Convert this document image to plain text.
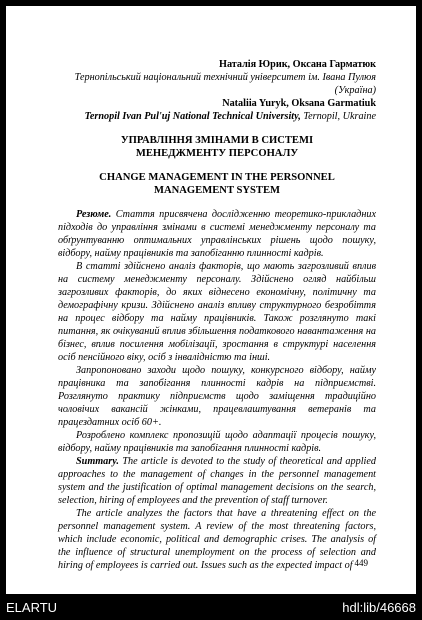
Наталія Юрик, Оксана Гарматюк
Тернопільський національний технічний університет ім. Івана Пулюя (Україна)
Nataliia Yuryk, Oksana Garmatiuk
Ternopil Ivan Pul'uj National Technical University, Ternopil, Ukraine
УПРАВЛІННЯ ЗМІНАМИ В СИСТЕМІ МЕНЕДЖМЕНТУ ПЕРСОНАЛУ
CHANGE MANAGEMENT IN THE PERSONNEL MANAGEMENT SYSTEM

Резюме. Стаття присвячена дослідженню теоретико-прикладних підходів до управління змінами в системі менеджменту персоналу та обґрунтуванню оптимальних управлінських рішень щодо пошуку, відбору, найму працівників та запобіганню плинності кадрів.

В статті здійснено аналіз факторів, що мають загрозливий вплив на систему менеджменту персоналу. Здійснено огляд найбільш загрозливих факторів, до яких віднесено економічну, політичну та демографічну кризи. Здійснено аналіз впливу структурного безробіття на процес відбору та найму працівників. Також розглянуто такі питання, як очікуваний вплив збільшення податкового навантаження на бізнес, вплив посилення мобілізації, зростання в структурі населення осіб пенсійного віку, осіб з інвалідністю та інші.

Запропоновано заходи щодо пошуку, конкурсного відбору, найму працівника та запобігання плинності кадрів на підприємстві. Розглянуто практику підприємств щодо заміщення традиційно чоловічих вакансій жінками, працевлаштування ветеранів та працездатних осіб 60+.

Розроблено комплекс пропозицій щодо адаптації процесів пошуку, відбору, найму працівників та запобігання плинності кадрів.

Summary. The article is devoted to the study of theoretical and applied approaches to the management of changes in the personnel management system and the justification of optimal management decisions on the search, selection, hiring of employees and the prevention of staff turnover.

The article analyzes the factors that have a threatening effect on the personnel management system. A review of the most threatening factors, which include economic, political and demographic crises. The analysis of the influence of structural unemployment on the process of selection and hiring of employees is carried out. Issues such as the expected impact of 449
ELARTU	hdl:lib/46668
